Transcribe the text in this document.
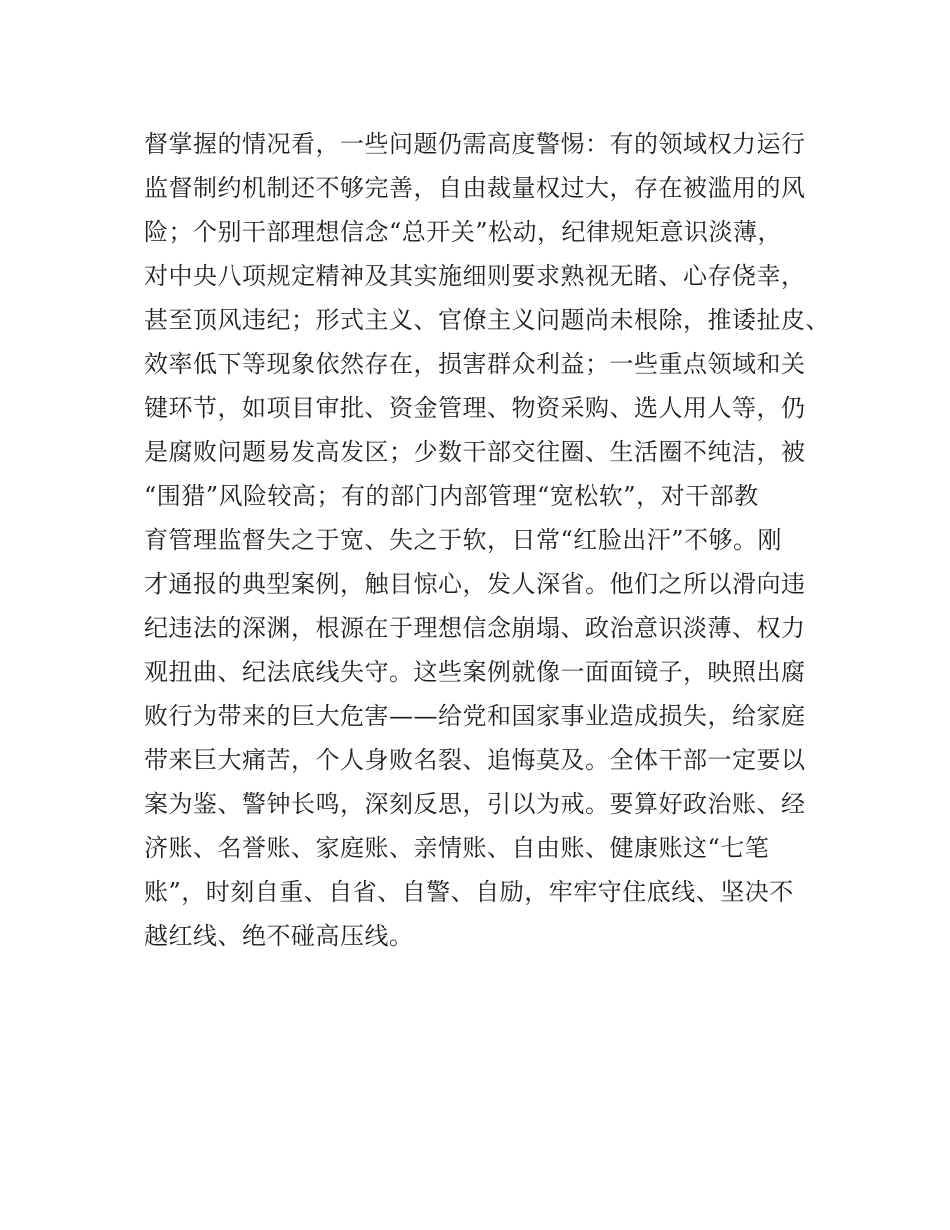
督掌握的情况看，一些问题仍需高度警惕：有的领域权力运行
监督制约机制还不够完善，自由裁量权过大，存在被滥用的风
险；个别干部理想信念“总开关”松动，纪律规矩意识淡薄，
对中央八项规定精神及其实施细则要求熟视无睹、心存侥幸，
甚至顶风违纪；形式主义、官僚主义问题尚未根除，推诿扯皮、
效率低下等现象依然存在，损害群众利益；一些重点领域和关
键环节，如项目审批、资金管理、物资采购、选人用人等，仍
是腐败问题易发高发区；少数干部交往圈、生活圈不纯洁，被
“围猎”风险较高；有的部门内部管理“宽松软”，对干部教
育管理监督失之于宽、失之于软，日常“红脸出汗”不够。刚
才通报的典型案例，触目惊心，发人深省。他们之所以滑向违
纪违法的深渊，根源在于理想信念崩塌、政治意识淡薄、权力
观扭曲、纪法底线失守。这些案例就像一面面镜子，映照出腐
败行为带来的巨大危害——给党和国家事业造成损失，给家庭
带来巨大痛苦，个人身败名裂、追悔莫及。全体干部一定要以
案为鉴、警钟长鸣，深刻反思，引以为戒。要算好政治账、经
济账、名誉账、家庭账、亲情账、自由账、健康账这“七笔
账”，时刻自重、自省、自警、自励，牢牢守住底线、坚决不
越红线、绝不碰高压线。
